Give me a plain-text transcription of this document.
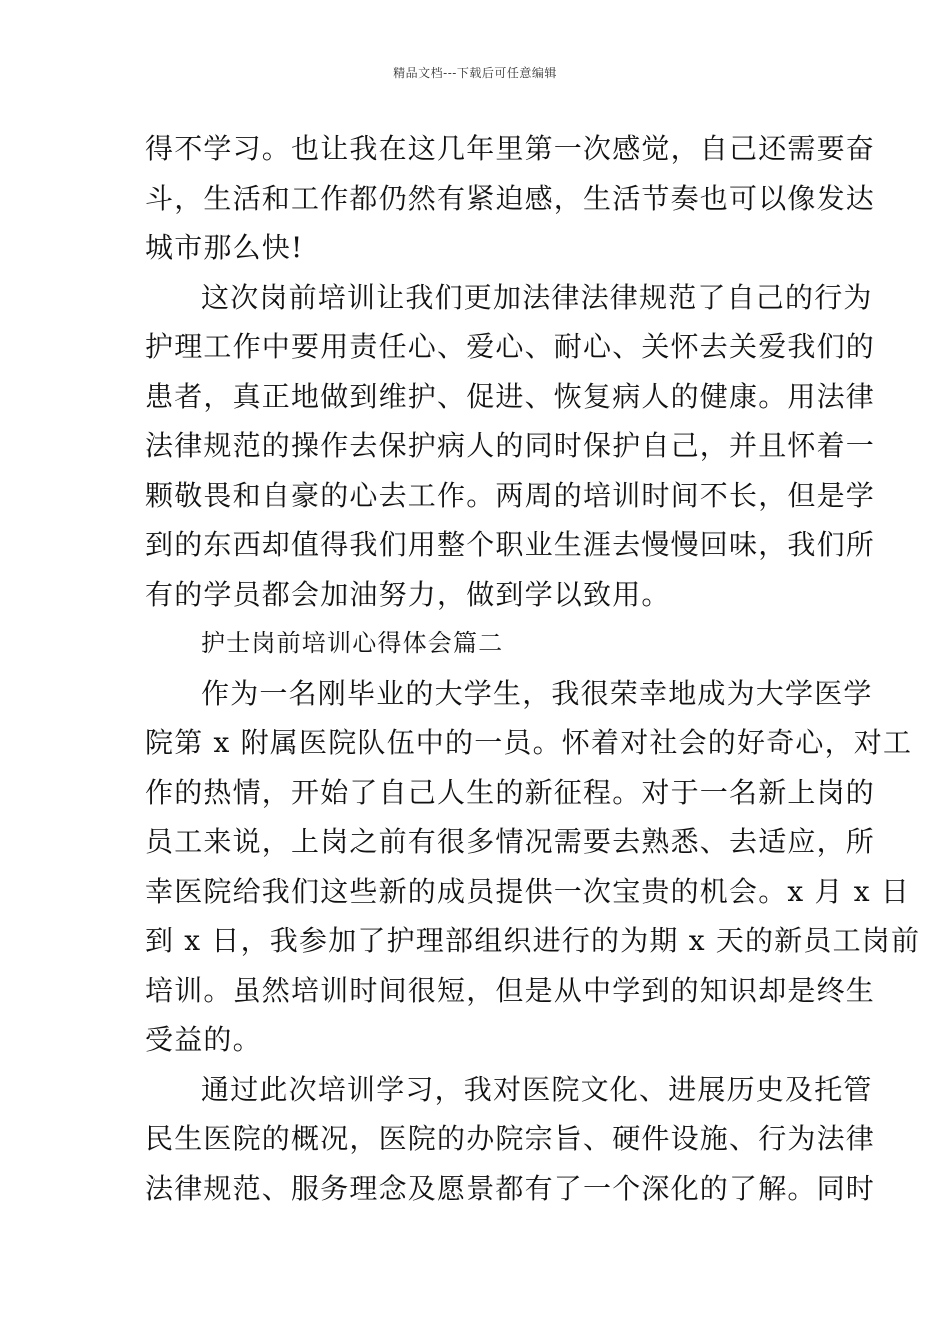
精品文档---下载后可任意编辑
得不学习。也让我在这几年里第一次感觉，自己还需要奋
斗，生活和工作都仍然有紧迫感，生活节奏也可以像发达
城市那么快!
这次岗前培训让我们更加法律法律规范了自己的行为
护理工作中要用责任心、爱心、耐心、关怀去关爱我们的
患者，真正地做到维护、促进、恢复病人的健康。用法律
法律规范的操作去保护病人的同时保护自己，并且怀着一
颗敬畏和自豪的心去工作。两周的培训时间不长，但是学
到的东西却值得我们用整个职业生涯去慢慢回味，我们所
有的学员都会加油努力，做到学以致用。
护士岗前培训心得体会篇二
作为一名刚毕业的大学生，我很荣幸地成为大学医学
院第 x 附属医院队伍中的一员。怀着对社会的好奇心，对工
作的热情，开始了自己人生的新征程。对于一名新上岗的
员工来说，上岗之前有很多情况需要去熟悉、去适应，所
幸医院给我们这些新的成员提供一次宝贵的机会。x 月 x 日
到 x 日，我参加了护理部组织进行的为期 x 天的新员工岗前
培训。虽然培训时间很短，但是从中学到的知识却是终生
受益的。
通过此次培训学习，我对医院文化、进展历史及托管
民生医院的概况，医院的办院宗旨、硬件设施、行为法律
法律规范、服务理念及愿景都有了一个深化的了解。同时
